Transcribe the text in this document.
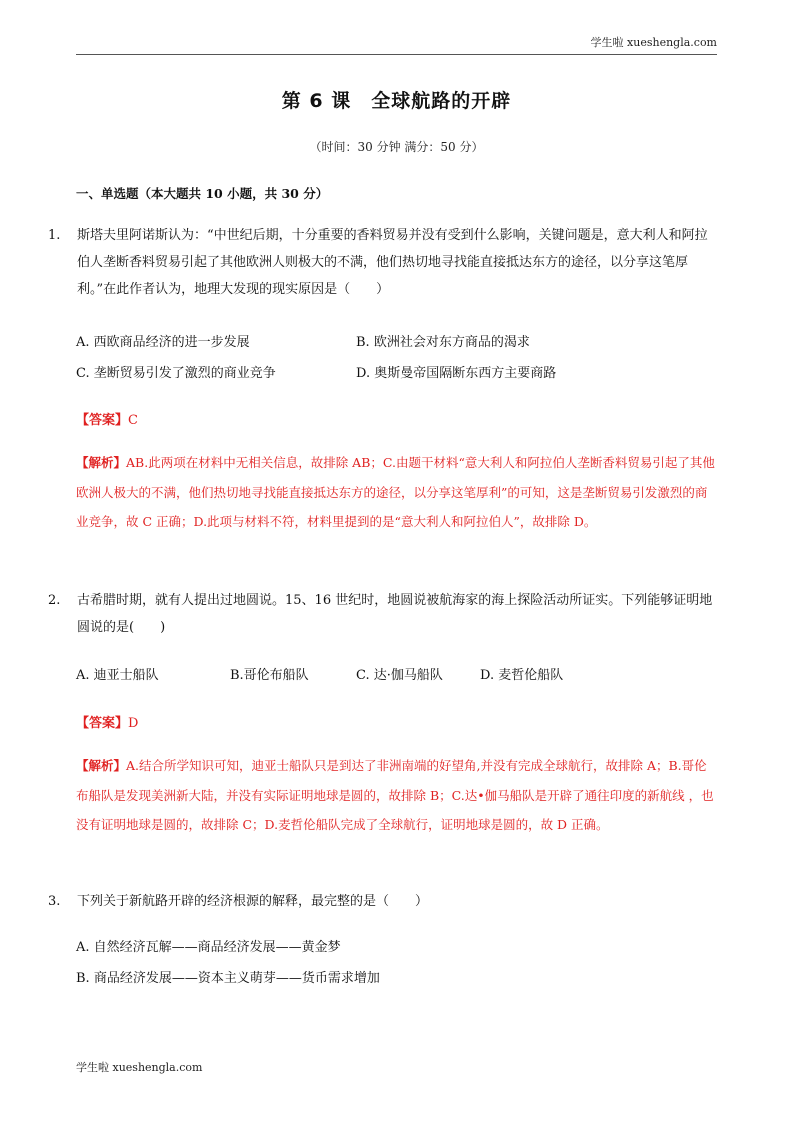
学生啦 xueshengla.com
第 6 课　全球航路的开辟
（时间：30 分钟 满分：50 分）
一、单选题（本大题共 10 小题，共 30 分）
1.	斯塔夫里阿诺斯认为：“中世纪后期，十分重要的香料贸易并没有受到什么影响，关键问题是，意大利人和阿拉伯人垄断香料贸易引起了其他欧洲人则极大的不满，他们热切地寻找能直接抵达东方的途径，以分享这笔厚利。”在此作者认为，地理大发现的现实原因是（　　）
A. 西欧商品经济的进一步发展	B. 欧洲社会对东方商品的渴求
C. 垄断贸易引发了激烈的商业竞争	D. 奥斯曼帝国隔断东西方主要商路
【答案】C
【解析】AB.此两项在材料中无相关信息，故排除 AB；C.由题干材料“意大利人和阿拉伯人垄断香料贸易引起了其他欧洲人极大的不满，他们热切地寻找能直接抵达东方的途径，以分享这笔厚利”的可知，这是垄断贸易引发激烈的商业竞争，故 C 正确；D.此项与材料不符，材料里提到的是“意大利人和阿拉伯人”，故排除 D。
2.	古希腊时期，就有人提出过地圆说。15、16 世纪时，地圆说被航海家的海上探险活动所证实。下列能够证明地圆说的是(　　)
A. 迪亚士船队	B.哥伦布船队	C. 达·伽马船队	D. 麦哲伦船队
【答案】D
【解析】A.结合所学知识可知，迪亚士船队只是到达了非洲南端的好望角,并没有完成全球航行，故排除 A；B.哥伦布船队是发现美洲新大陆，并没有实际证明地球是圆的，故排除 B；C.达•伽马船队是开辟了通往印度的新航线 ，也没有证明地球是圆的，故排除 C；D.麦哲伦船队完成了全球航行，证明地球是圆的，故 D 正确。
3.	下列关于新航路开辟的经济根源的解释，最完整的是（　　）
A. 自然经济瓦解——商品经济发展——黄金梦
B. 商品经济发展——资本主义萌芽——货币需求增加
学生啦 xueshengla.com
